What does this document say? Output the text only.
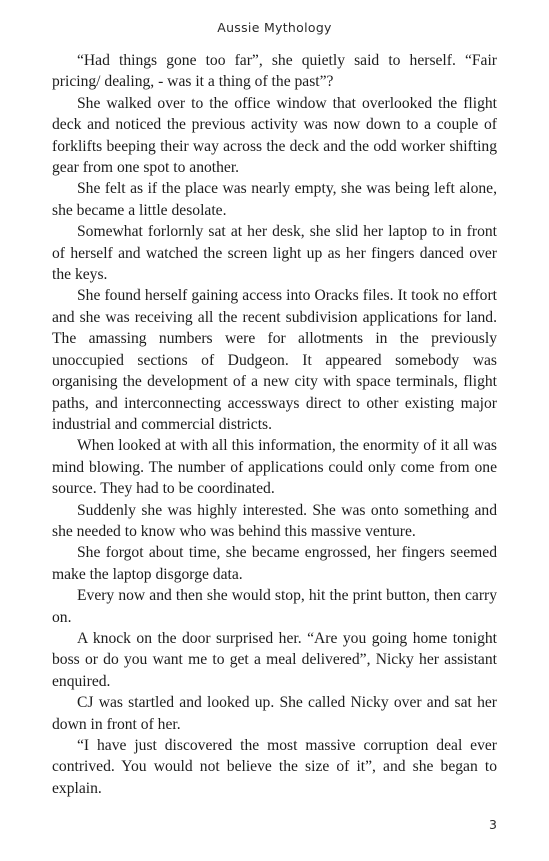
Aussie Mythology

“Had things gone too far”, she quietly said to herself. “Fair pricing/ dealing, - was it a thing of the past”?

She walked over to the office window that overlooked the flight deck and noticed the previous activity was now down to a couple of forklifts beeping their way across the deck and the odd worker shifting gear from one spot to another.

She felt as if the place was nearly empty, she was being left alone, she became a little desolate.

Somewhat forlornly sat at her desk, she slid her laptop to in front of herself and watched the screen light up as her fingers danced over the keys.

She found herself gaining access into Oracks files. It took no effort and she was receiving all the recent subdivision applications for land. The amassing numbers were for allotments in the previously unoccupied sections of Dudgeon. It appeared somebody was organising the development of a new city with space terminals, flight paths, and interconnecting accessways direct to other existing major industrial and commercial districts.

When looked at with all this information, the enormity of it all was mind blowing. The number of applications could only come from one source. They had to be coordinated.

Suddenly she was highly interested. She was onto something and she needed to know who was behind this massive venture.

She forgot about time, she became engrossed, her fingers seemed make the laptop disgorge data.

Every now and then she would stop, hit the print button, then carry on.

A knock on the door surprised her. “Are you going home tonight boss or do you want me to get a meal delivered”, Nicky her assistant enquired.

CJ was startled and looked up. She called Nicky over and sat her down in front of her.

“I have just discovered the most massive corruption deal ever contrived. You would not believe the size of it”, and she began to explain.

3
